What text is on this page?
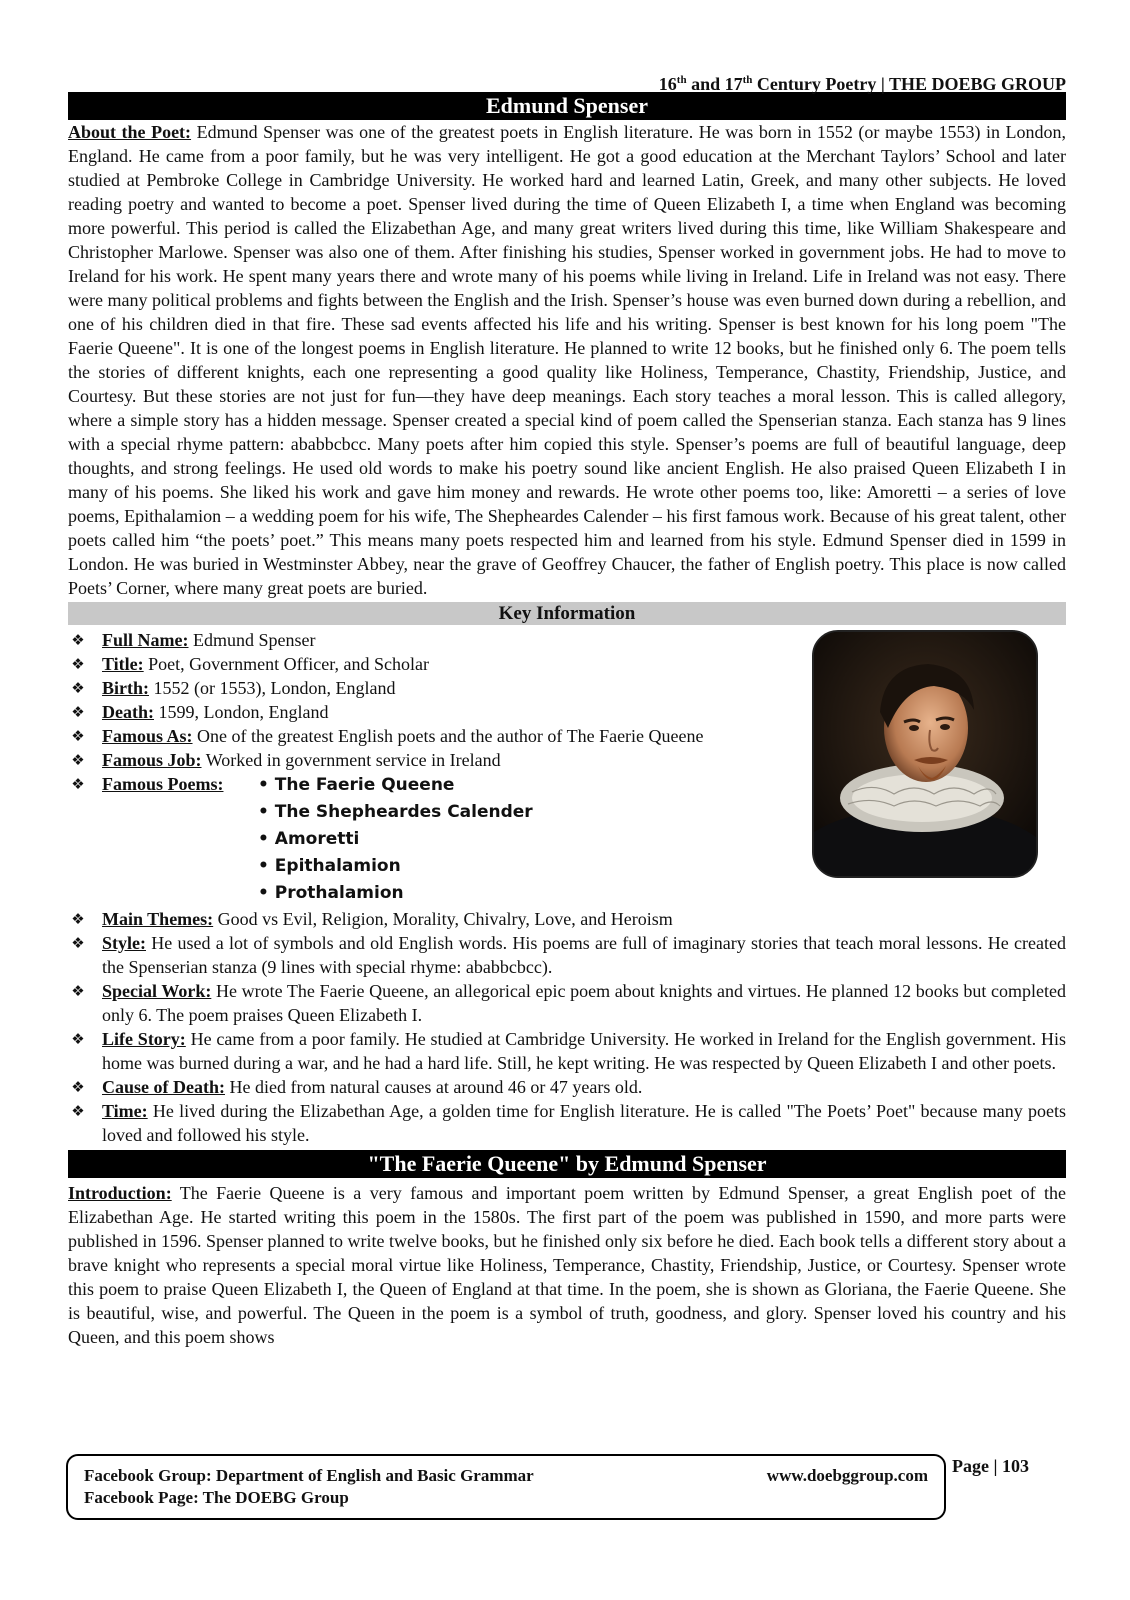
16th and 17th Century Poetry | THE DOEBG GROUP
Edmund Spenser

About the Poet: Edmund Spenser was one of the greatest poets in English literature. He was born in 1552 (or maybe 1553) in London, England. He came from a poor family, but he was very intelligent. He got a good education at the Merchant Taylors’ School and later studied at Pembroke College in Cambridge University. He worked hard and learned Latin, Greek, and many other subjects. He loved reading poetry and wanted to become a poet. Spenser lived during the time of Queen Elizabeth I, a time when England was becoming more powerful. This period is called the Elizabethan Age, and many great writers lived during this time, like William Shakespeare and Christopher Marlowe. Spenser was also one of them. After finishing his studies, Spenser worked in government jobs. He had to move to Ireland for his work. He spent many years there and wrote many of his poems while living in Ireland. Life in Ireland was not easy. There were many political problems and fights between the English and the Irish. Spenser’s house was even burned down during a rebellion, and one of his children died in that fire. These sad events affected his life and his writing. Spenser is best known for his long poem "The Faerie Queene". It is one of the longest poems in English literature. He planned to write 12 books, but he finished only 6. The poem tells the stories of different knights, each one representing a good quality like Holiness, Temperance, Chastity, Friendship, Justice, and Courtesy. But these stories are not just for fun—they have deep meanings. Each story teaches a moral lesson. This is called allegory, where a simple story has a hidden message. Spenser created a special kind of poem called the Spenserian stanza. Each stanza has 9 lines with a special rhyme pattern: ababbcbcc. Many poets after him copied this style. Spenser’s poems are full of beautiful language, deep thoughts, and strong feelings. He used old words to make his poetry sound like ancient English. He also praised Queen Elizabeth I in many of his poems. She liked his work and gave him money and rewards. He wrote other poems too, like: Amoretti – a series of love poems, Epithalamion – a wedding poem for his wife, The Shepheardes Calender – his first famous work. Because of his great talent, other poets called him “the poets’ poet.” This means many poets respected him and learned from his style. Edmund Spenser died in 1599 in London. He was buried in Westminster Abbey, near the grave of Geoffrey Chaucer, the father of English poetry. This place is now called Poets’ Corner, where many great poets are buried.

Key Information
❖ Full Name: Edmund Spenser
❖ Title: Poet, Government Officer, and Scholar
❖ Birth: 1552 (or 1553), London, England
❖ Death: 1599, London, England
❖ Famous As: One of the greatest English poets and the author of The Faerie Queene
❖ Famous Job: Worked in government service in Ireland
❖ Famous Poems:	• The Faerie Queene
• The Shepheardes Calender
• Amoretti
• Epithalamion
• Prothalamion
❖ Main Themes: Good vs Evil, Religion, Morality, Chivalry, Love, and Heroism
❖ Style: He used a lot of symbols and old English words. His poems are full of imaginary stories that teach moral lessons. He created the Spenserian stanza (9 lines with special rhyme: ababbcbcc).
❖ Special Work: He wrote The Faerie Queene, an allegorical epic poem about knights and virtues. He planned 12 books but completed only 6. The poem praises Queen Elizabeth I.
❖ Life Story: He came from a poor family. He studied at Cambridge University. He worked in Ireland for the English government. His home was burned during a war, and he had a hard life. Still, he kept writing. He was respected by Queen Elizabeth I and other poets.
❖ Cause of Death: He died from natural causes at around 46 or 47 years old.
❖ Time: He lived during the Elizabethan Age, a golden time for English literature. He is called "The Poets’ Poet" because many poets loved and followed his style.
"The Faerie Queene" by Edmund Spenser

Introduction: The Faerie Queene is a very famous and important poem written by Edmund Spenser, a great English poet of the Elizabethan Age. He started writing this poem in the 1580s. The first part of the poem was published in 1590, and more parts were published in 1596. Spenser planned to write twelve books, but he finished only six before he died. Each book tells a different story about a brave knight who represents a special moral virtue like Holiness, Temperance, Chastity, Friendship, Justice, or Courtesy. Spenser wrote this poem to praise Queen Elizabeth I, the Queen of England at that time. In the poem, she is shown as Gloriana, the Faerie Queene. She is beautiful, wise, and powerful. The Queen in the poem is a symbol of truth, goodness, and glory. Spenser loved his country and his Queen, and this poem shows

Facebook Group: Department of English and Basic Grammar
Facebook Page: The DOEBG Group
www.doebggroup.com Page | 103
